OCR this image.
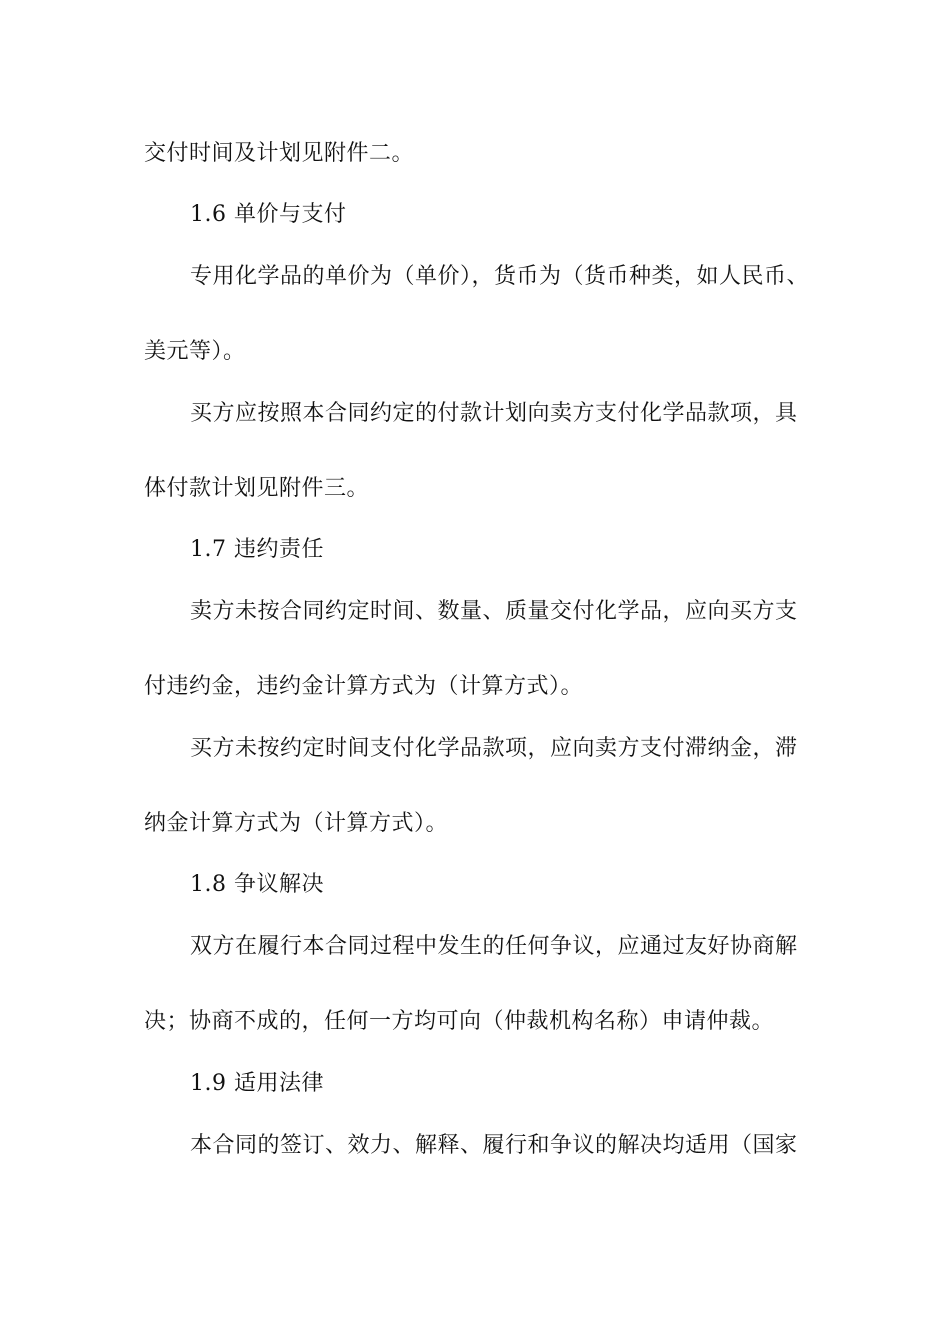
交付时间及计划见附件二。
1.6 单价与支付
专用化学品的单价为（单价），货币为（货币种类，如人民币、
美元等）。
买方应按照本合同约定的付款计划向卖方支付化学品款项，具
体付款计划见附件三。
1.7 违约责任
卖方未按合同约定时间、数量、质量交付化学品，应向买方支
付违约金，违约金计算方式为（计算方式）。
买方未按约定时间支付化学品款项，应向卖方支付滞纳金，滞
纳金计算方式为（计算方式）。
1.8 争议解决
双方在履行本合同过程中发生的任何争议，应通过友好协商解
决；协商不成的，任何一方均可向（仲裁机构名称）申请仲裁。
1.9 适用法律
本合同的签订、效力、解释、履行和争议的解决均适用（国家
